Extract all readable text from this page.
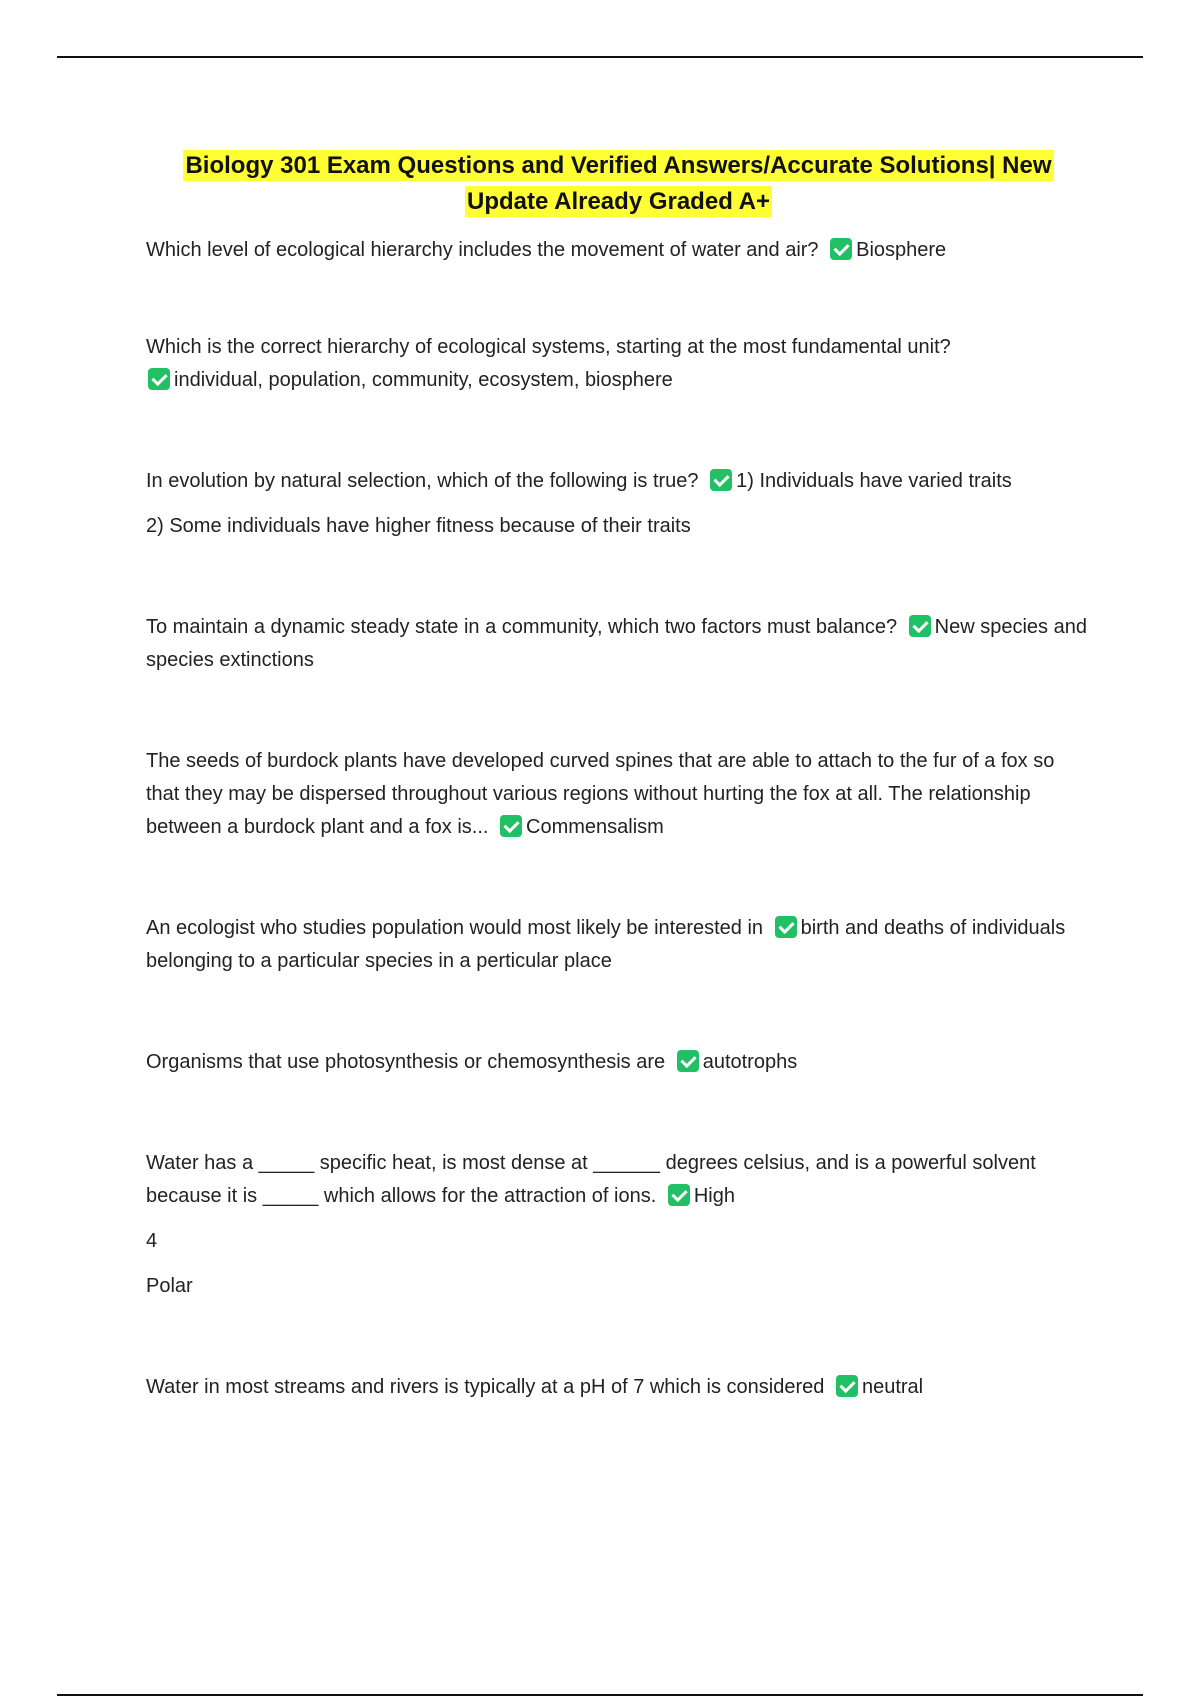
Biology 301 Exam Questions and Verified Answers/Accurate Solutions| New
Update Already Graded A+

Which level of ecological hierarchy includes the movement of water and air? Biosphere

Which is the correct hierarchy of ecological systems, starting at the most fundamental unit?
individual, population, community, ecosystem, biosphere

In evolution by natural selection, which of the following is true? 1) Individuals have varied traits

2) Some individuals have higher fitness because of their traits

To maintain a dynamic steady state in a community, which two factors must balance? New species and species extinctions

The seeds of burdock plants have developed curved spines that are able to attach to the fur of a fox so that they may be dispersed throughout various regions without hurting the fox at all. The relationship between a burdock plant and a fox is... Commensalism

An ecologist who studies population would most likely be interested in birth and deaths of individuals belonging to a particular species in a perticular place

Organisms that use photosynthesis or chemosynthesis are autotrophs

Water has a _____ specific heat, is most dense at ______ degrees celsius, and is a powerful solvent because it is _____ which allows for the attraction of ions. High

4

Polar

Water in most streams and rivers is typically at a pH of 7 which is considered neutral
